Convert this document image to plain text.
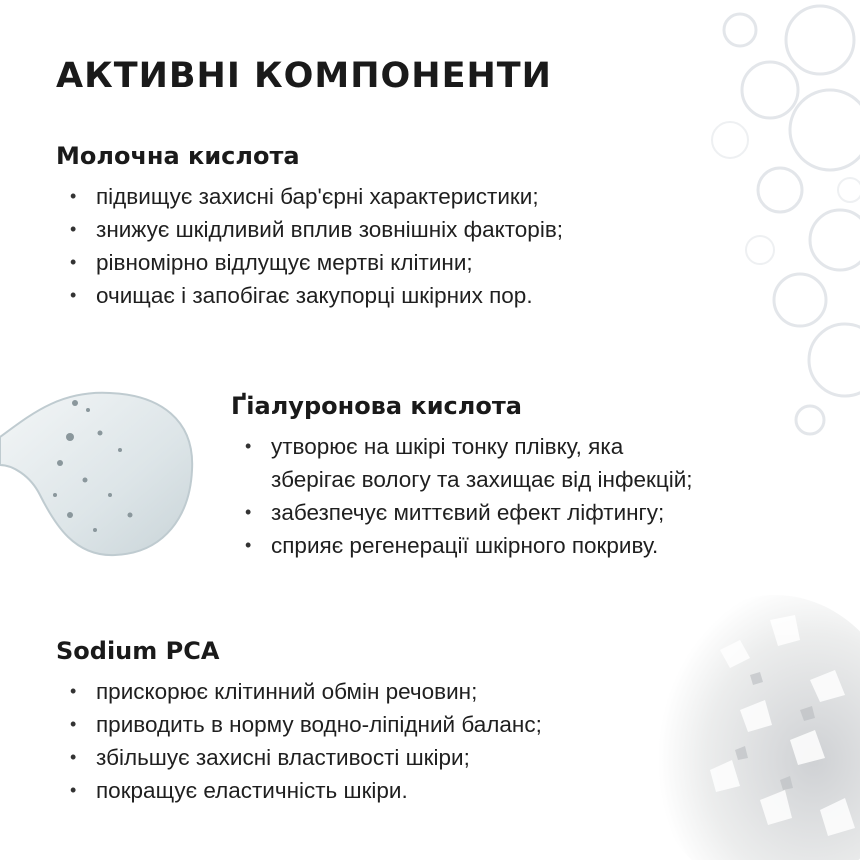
АКТИВНІ КОМПОНЕНТИ
Молочна кислота
• підвищує захисні бар'єрні характеристики;
• знижує шкідливий вплив зовнішніх факторів;
• рівномірно відлущує мертві клітини;
• очищає і запобігає закупорці шкірних пор.
Ґіалуронова кислота
• утворює на шкірі тонку плівку, яка
зберігає вологу та захищає від інфекцій;
• забезпечує миттєвий ефект ліфтингу;
• сприяє регенерації шкірного покриву.
Sodium PCA
• прискорює клітинний обмін речовин;
• приводить в норму водно-ліпідний баланс;
• збільшує захисні властивості шкіри;
• покращує еластичність шкіри.
